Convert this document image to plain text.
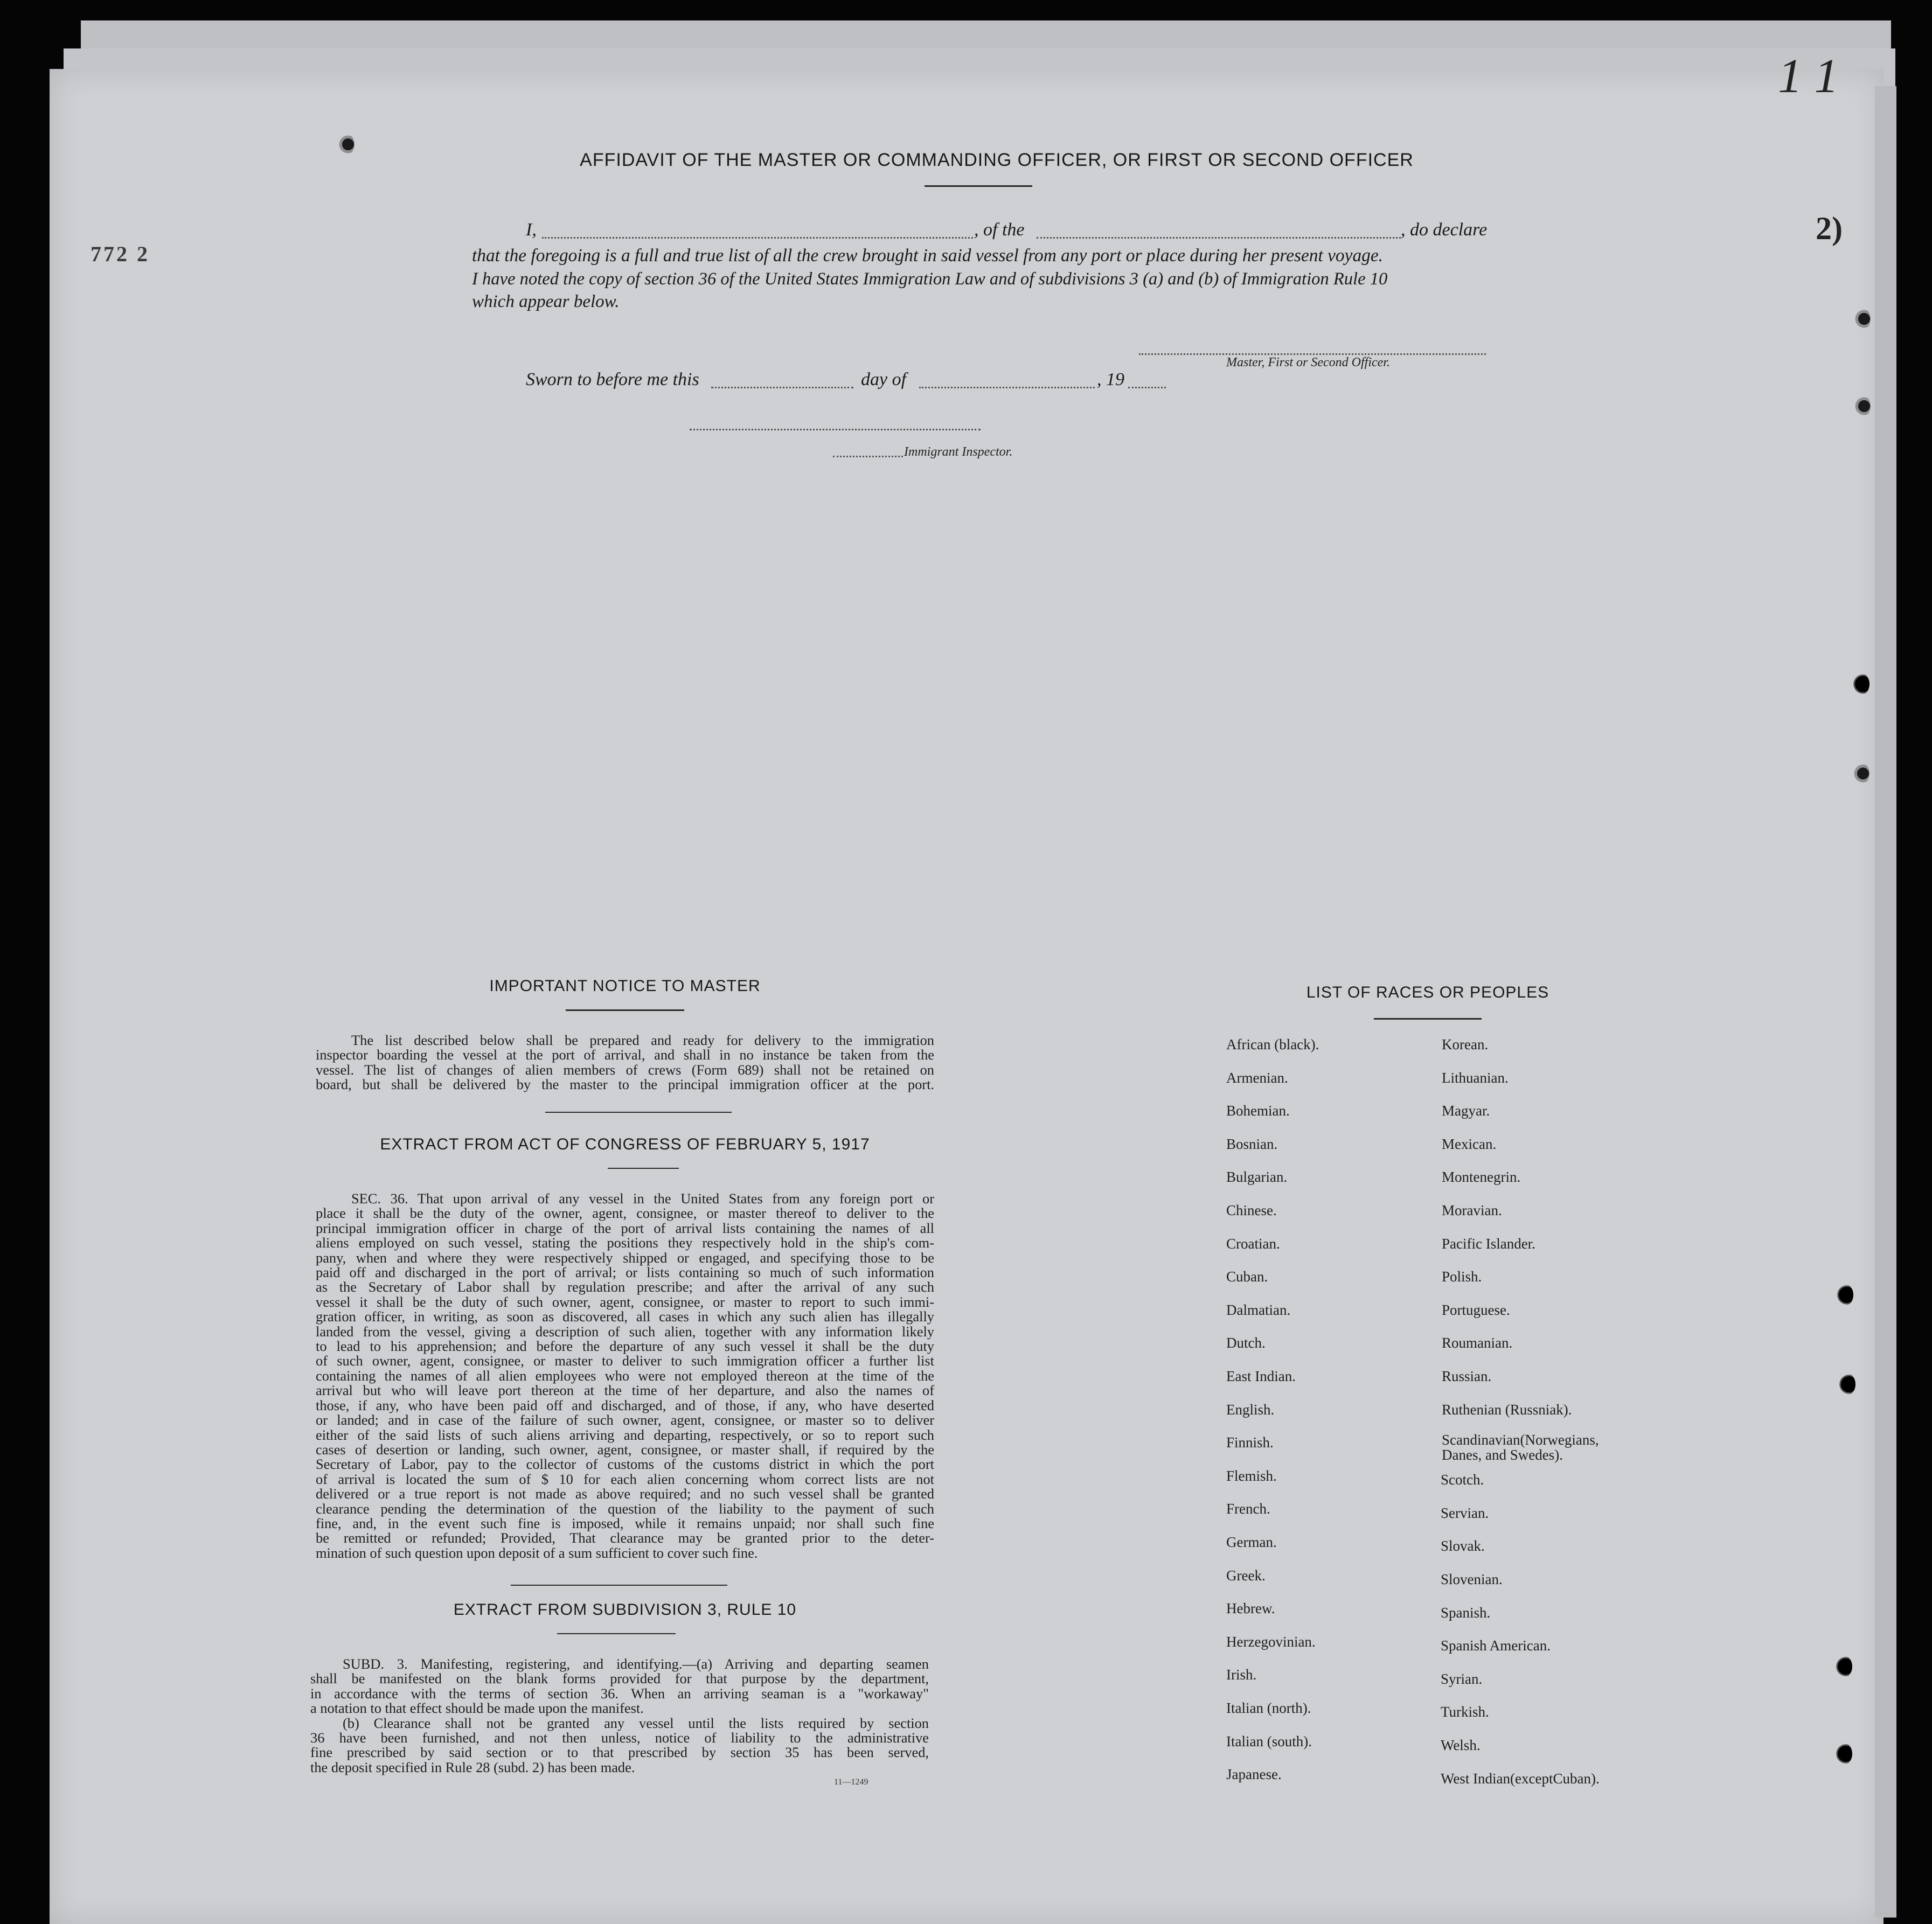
1 1
2)
772 2
AFFIDAVIT OF THE MASTER OR COMMANDING OFFICER, OR FIRST OR SECOND OFFICER
I,	, of the	, do declare
that the foregoing is a full and true list of all the crew brought in said vessel from any port or place during her present voyage.
I have noted the copy of section 36 of the United States Immigration Law and of subdivisions 3 (a) and (b) of Immigration Rule 10
which appear below.
Master, First or Second Officer.
Sworn to before me this	day of	, 19
Immigrant Inspector.
IMPORTANT NOTICE TO MASTER
The list described below shall be prepared and ready for delivery to the immigration
inspector boarding the vessel at the port of arrival, and shall in no instance be taken from the
vessel. The list of changes of alien members of crews (Form 689) shall not be retained on
board, but shall be delivered by the master to the principal immigration officer at the port.
EXTRACT FROM ACT OF CONGRESS OF FEBRUARY 5, 1917
SEC. 36. That upon arrival of any vessel in the United States from any foreign port or
place it shall be the duty of the owner, agent, consignee, or master thereof to deliver to the
principal immigration officer in charge of the port of arrival lists containing the names of all
aliens employed on such vessel, stating the positions they respectively hold in the ship's com-
pany, when and where they were respectively shipped or engaged, and specifying those to be
paid off and discharged in the port of arrival; or lists containing so much of such information
as the Secretary of Labor shall by regulation prescribe; and after the arrival of any such
vessel it shall be the duty of such owner, agent, consignee, or master to report to such immi-
gration officer, in writing, as soon as discovered, all cases in which any such alien has illegally
landed from the vessel, giving a description of such alien, together with any information likely
to lead to his apprehension; and before the departure of any such vessel it shall be the duty
of such owner, agent, consignee, or master to deliver to such immigration officer a further list
containing the names of all alien employees who were not employed thereon at the time of the
arrival but who will leave port thereon at the time of her departure, and also the names of
those, if any, who have been paid off and discharged, and of those, if any, who have deserted
or landed; and in case of the failure of such owner, agent, consignee, or master so to deliver
either of the said lists of such aliens arriving and departing, respectively, or so to report such
cases of desertion or landing, such owner, agent, consignee, or master shall, if required by the
Secretary of Labor, pay to the collector of customs of the customs district in which the port
of arrival is located the sum of $ 10 for each alien concerning whom correct lists are not
delivered or a true report is not made as above required; and no such vessel shall be granted
clearance pending the determination of the question of the liability to the payment of such
fine, and, in the event such fine is imposed, while it remains unpaid; nor shall such fine
be remitted or refunded; Provided, That clearance may be granted prior to the deter-
mination of such question upon deposit of a sum sufficient to cover such fine.
EXTRACT FROM SUBDIVISION 3, RULE 10
SUBD. 3. Manifesting, registering, and identifying.—(a) Arriving and departing seamen
shall be manifested on the blank forms provided for that purpose by the department,
in accordance with the terms of section 36. When an arriving seaman is a "workaway"
a notation to that effect should be made upon the manifest.
(b) Clearance shall not be granted any vessel until the lists required by section
36 have been furnished, and not then unless, notice of liability to the administrative
fine prescribed by said section or to that prescribed by section 35 has been served,
the deposit specified in Rule 28 (subd. 2) has been made.
11—1249
LIST OF RACES OR PEOPLES
African (black).
Armenian.
Bohemian.
Bosnian.
Bulgarian.
Chinese.
Croatian.
Cuban.
Dalmatian.
Dutch.
East Indian.
English.
Finnish.
Flemish.
French.
German.
Greek.
Hebrew.
Herzegovinian.
Irish.
Italian (north).
Italian (south).
Japanese.
Korean.
Lithuanian.
Magyar.
Mexican.
Montenegrin.
Moravian.
Pacific Islander.
Polish.
Portuguese.
Roumanian.
Russian.
Ruthenian (Russniak).
Scandinavian(Norwegians,
Danes, and Swedes).
Scotch.
Servian.
Slovak.
Slovenian.
Spanish.
Spanish American.
Syrian.
Turkish.
Welsh.
West Indian(exceptCuban).
